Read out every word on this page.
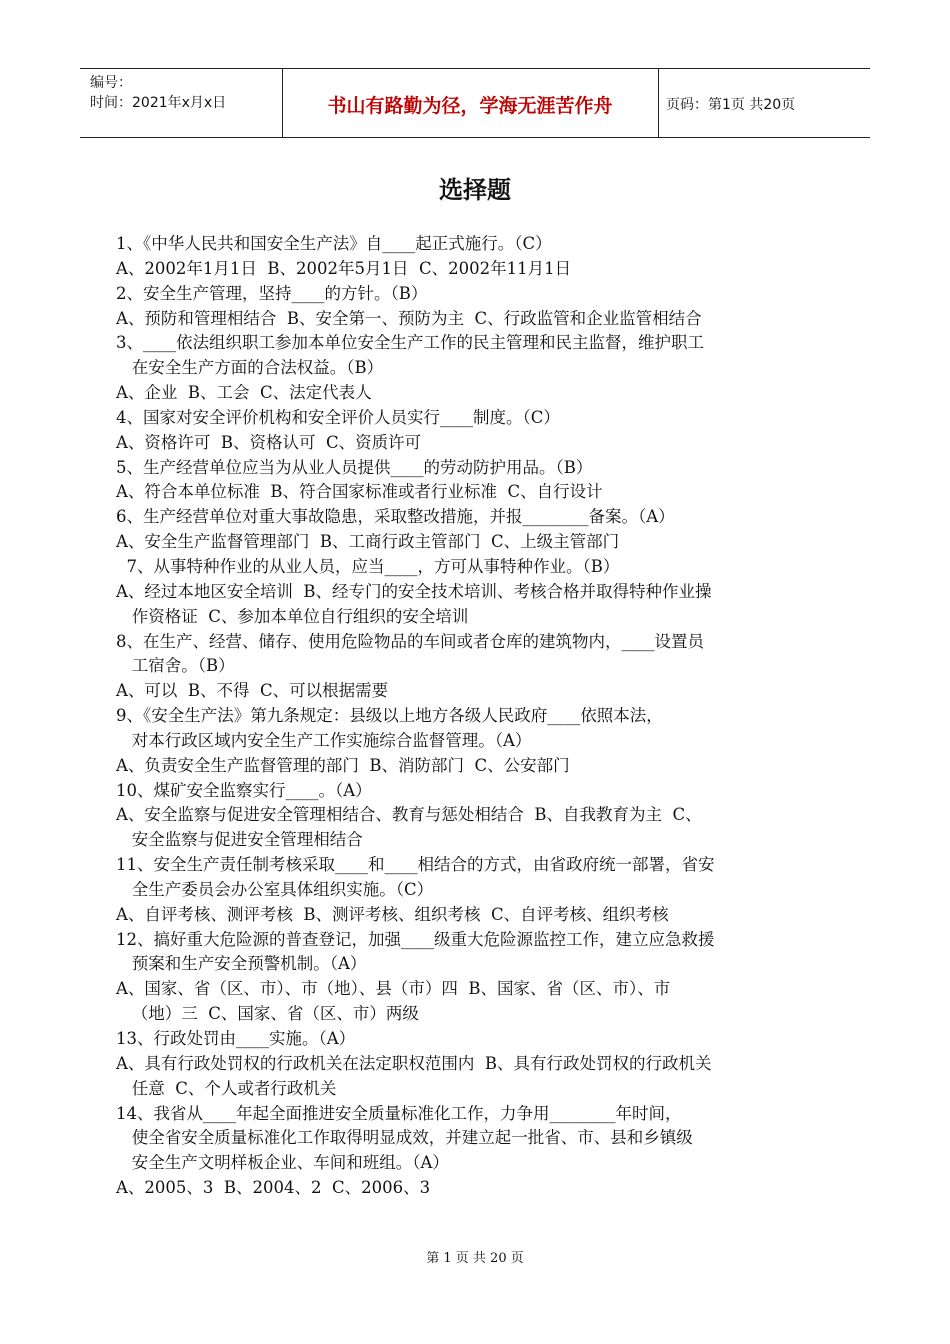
编号：
时间：2021年x月x日	书山有路勤为径，学海无涯苦作舟	页码：第1页 共20页
选择题
1、《中华人民共和国安全生产法》自____起正式施行。（C）
A、2002年1月1日  B、2002年5月1日  C、2002年11月1日
2、安全生产管理，坚持____的方针。（B）
A、预防和管理相结合  B、安全第一、预防为主  C、行政监管和企业监管相结合
3、____依法组织职工参加本单位安全生产工作的民主管理和民主监督，维护职工
在安全生产方面的合法权益。（B）
A、企业  B、工会  C、法定代表人
4、国家对安全评价机构和安全评价人员实行____制度。（C）
A、资格许可  B、资格认可  C、资质许可
5、生产经营单位应当为从业人员提供____的劳动防护用品。（B）
A、符合本单位标准  B、符合国家标准或者行业标准  C、自行设计
6、生产经营单位对重大事故隐患，采取整改措施，并报________备案。（A）
A、安全生产监督管理部门  B、工商行政主管部门  C、上级主管部门
7、从事特种作业的从业人员，应当____，方可从事特种作业。（B）
A、经过本地区安全培训  B、经专门的安全技术培训、考核合格并取得特种作业操
作资格证  C、参加本单位自行组织的安全培训
8、在生产、经营、储存、使用危险物品的车间或者仓库的建筑物内，____设置员
工宿舍。（B）
A、可以  B、不得  C、可以根据需要
9、《安全生产法》第九条规定：县级以上地方各级人民政府____依照本法，
对本行政区域内安全生产工作实施综合监督管理。（A）
A、负责安全生产监督管理的部门  B、消防部门  C、公安部门
10、煤矿安全监察实行____。（A）
A、安全监察与促进安全管理相结合、教育与惩处相结合  B、自我教育为主  C、
安全监察与促进安全管理相结合
11、安全生产责任制考核采取____和____相结合的方式，由省政府统一部署，省安
全生产委员会办公室具体组织实施。（C）
A、自评考核、测评考核  B、测评考核、组织考核  C、自评考核、组织考核
12、搞好重大危险源的普查登记，加强____级重大危险源监控工作，建立应急救援
预案和生产安全预警机制。（A）
A、国家、省（区、市）、市（地）、县（市）四  B、国家、省（区、市）、市
（地）三  C、国家、省（区、市）两级
13、行政处罚由____实施。（A）
A、具有行政处罚权的行政机关在法定职权范围内  B、具有行政处罚权的行政机关
任意  C、个人或者行政机关
14、我省从____年起全面推进安全质量标准化工作，力争用________年时间，
使全省安全质量标准化工作取得明显成效，并建立起一批省、市、县和乡镇级
安全生产文明样板企业、车间和班组。（A）
A、2005、3  B、2004、2  C、2006、3
第 1 页 共 20 页
